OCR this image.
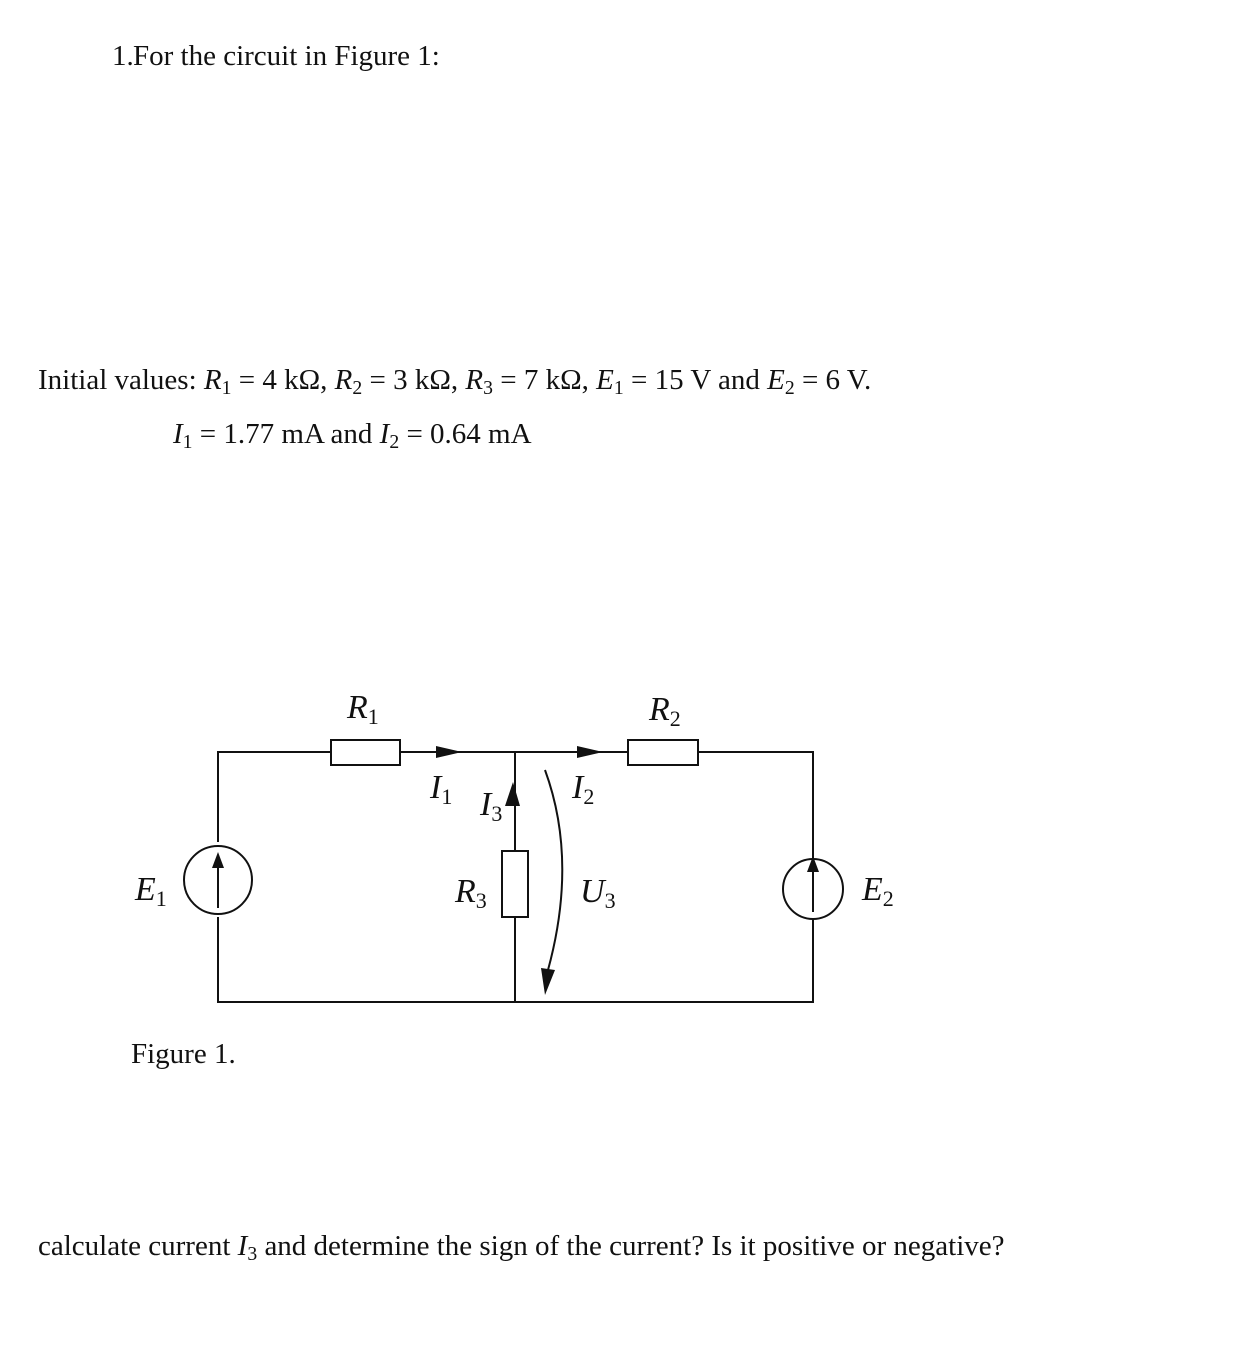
1. For the circuit in Figure 1:
Initial values: $R_1 = 4$ kΩ, $R_2 = 3$ kΩ, $R_3 = 7$ kΩ, $E_1 = 15$ V and $E_2 = 6$ V.
$I_1 = 1.77$ mA and $I_2 = 0.64$ mA
R1	R2
I1 I3
I2
R3	U3
E1	E2
Figure 1.
calculate current $I_3$ and determine the sign of the current? Is it positive or negative?
